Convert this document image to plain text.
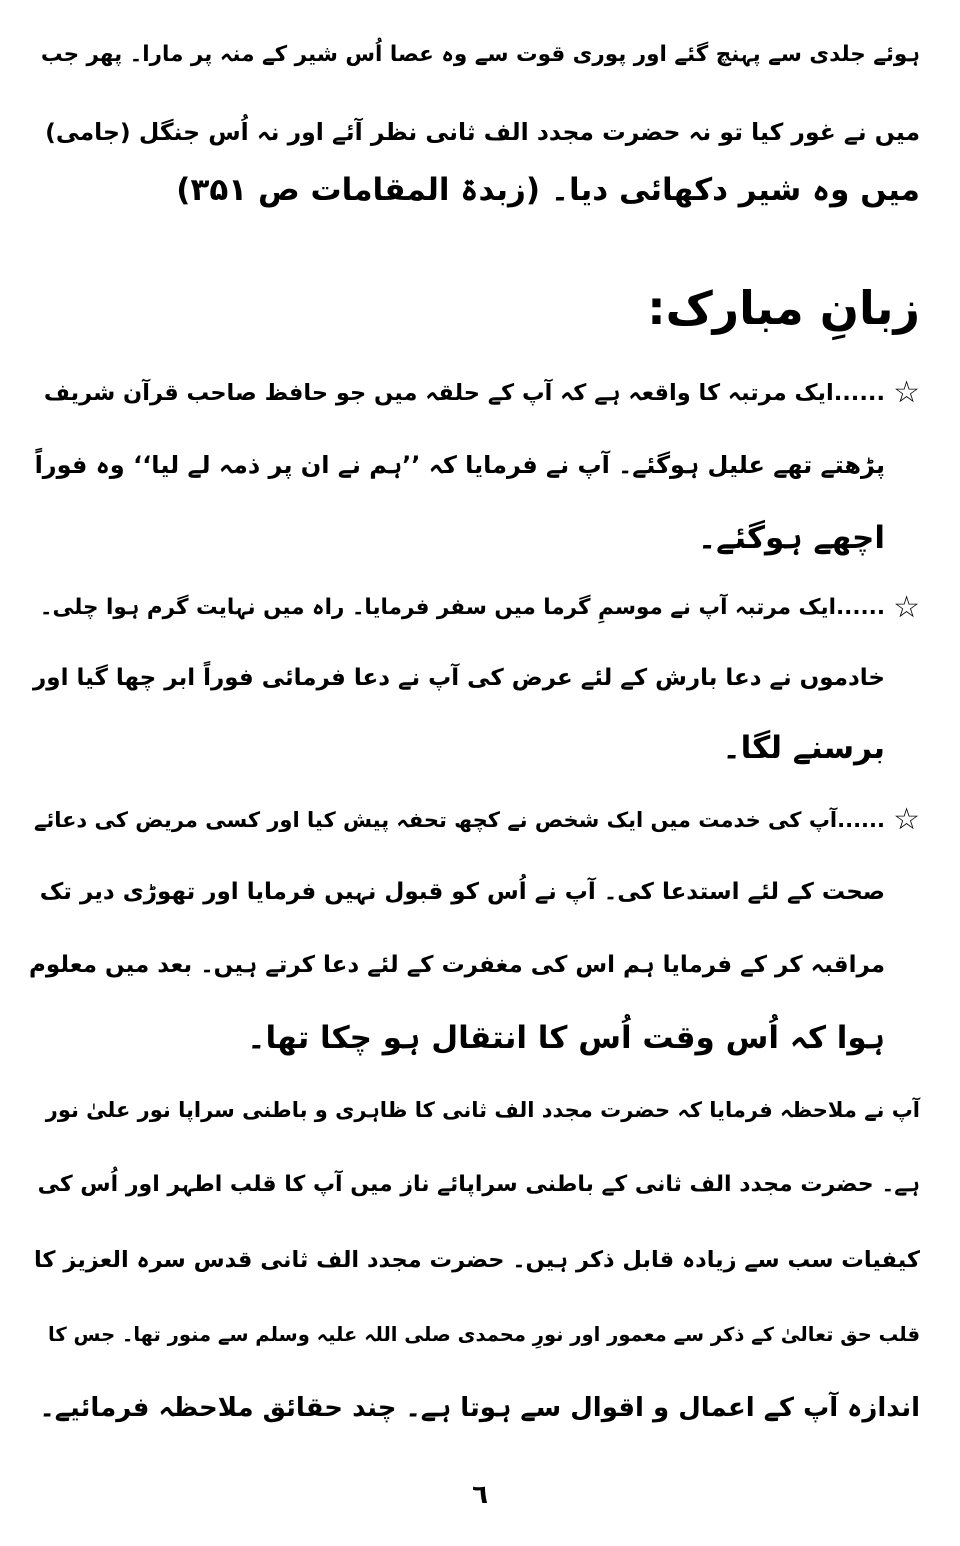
ہوئے جلدی سے پہنچ گئے اور پوری قوت سے وہ عصا اُس شیر کے منہ پر مارا۔ پھر جب
میں نے غور کیا تو نہ حضرت مجدد الف ثانی نظر آئے اور نہ اُس جنگل (جامی)
میں وہ شیر دکھائی دیا۔ (زبدۃ المقامات ص ۳۵۱)
زبانِ مبارک:
☆
......ایک مرتبہ کا واقعہ ہے کہ آپ کے حلقہ میں جو حافظ صاحب قرآن شریف
پڑھتے تھے علیل ہوگئے۔ آپ نے فرمایا کہ ’’ہم نے ان پر ذمہ لے لیا‘‘ وہ فوراً
اچھے ہوگئے۔
☆
......ایک مرتبہ آپ نے موسمِ گرما میں سفر فرمایا۔ راہ میں نہایت گرم ہوا چلی۔
خادموں نے دعا بارش کے لئے عرض کی آپ نے دعا فرمائی فوراً ابر چھا گیا اور
برسنے لگا۔
☆
......آپ کی خدمت میں ایک شخص نے کچھ تحفہ پیش کیا اور کسی مریض کی دعائے
صحت کے لئے استدعا کی۔ آپ نے اُس کو قبول نہیں فرمایا اور تھوڑی دیر تک
مراقبہ کر کے فرمایا ہم اس کی مغفرت کے لئے دعا کرتے ہیں۔ بعد میں معلوم
ہوا کہ اُس وقت اُس کا انتقال ہو چکا تھا۔
آپ نے ملاحظہ فرمایا کہ حضرت مجدد الف ثانی کا ظاہری و باطنی سراپا نور علیٰ نور
ہے۔ حضرت مجدد الف ثانی کے باطنی سراپائے ناز میں آپ کا قلب اطہر اور اُس کی
کیفیات سب سے زیادہ قابل ذکر ہیں۔ حضرت مجدد الف ثانی قدس سرہ العزیز کا
قلب حق تعالیٰ کے ذکر سے معمور اور نورِ محمدی صلی اللہ علیہ وسلم سے منور تھا۔ جس کا
اندازہ آپ کے اعمال و اقوال سے ہوتا ہے۔ چند حقائق ملاحظہ فرمائیے۔
٦
